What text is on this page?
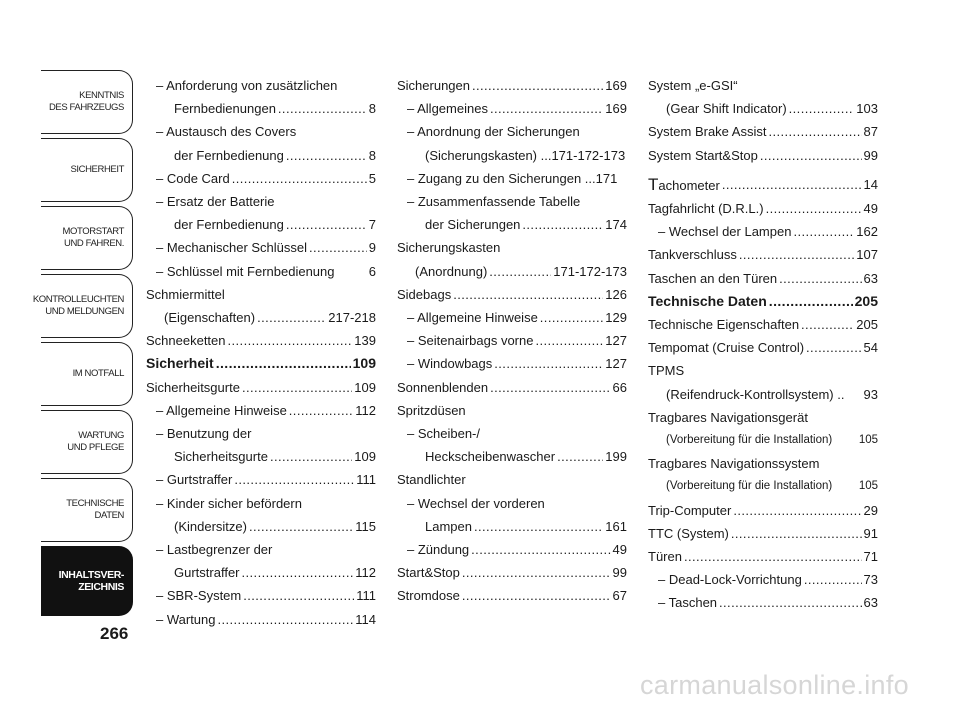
KENNTNIS
DES FAHRZEUGS
SICHERHEIT
MOTORSTART
UND FAHREN.
KONTROLLEUCHTEN
UND MELDUNGEN
IM NOTFALL
WARTUNG
UND PFLEGE
TECHNISCHE
DATEN
INHALTSVER-
ZEICHNIS
266
– Anforderung von zusätzlichen
Fernbedienungen .....	8
– Austausch des Covers
der Fernbedienung .....	8
– Code Card .....	5
– Ersatz der Batterie
der Fernbedienung .....	7
– Mechanischer Schlüssel .....	9
– Schlüssel mit Fernbedienung	6
Schmiermittel
(Eigenschaften) .....	217-218
Schneeketten .....	139
Sicherheit .....	109
Sicherheitsgurte .....	109
– Allgemeine Hinweise .....	112
– Benutzung der
Sicherheitsgurte .....	109
– Gurtstraffer .....	111
– Kinder sicher befördern
(Kindersitze) .....	115
– Lastbegrenzer der
Gurtstraffer .....	112
– SBR-System .....	111
– Wartung .....	114
Sicherungen .....	169
– Allgemeines .....	169
– Anordnung der Sicherungen
(Sicherungskasten) ...171-172-173
– Zugang zu den Sicherungen ...171
– Zusammenfassende Tabelle
der Sicherungen .....	174
Sicherungskasten
(Anordnung) .....	171-172-173
Sidebags .....	126
– Allgemeine Hinweise .....	129
– Seitenairbags vorne .....	127
– Windowbags .....	127
Sonnenblenden .....	66
Spritzdüsen
– Scheiben-/
Heckscheibenwascher .....	199
Standlichter
– Wechsel der vorderen
Lampen .....	161
– Zündung .....	49
Start&Stop .....	99
Stromdose .....	67
System „e-GSI“
(Gear Shift Indicator) .....	103
System Brake Assist .....	87
System Start&Stop .....	99
Tachometer .....	14
Tagfahrlicht (D.R.L.) .....	49
– Wechsel der Lampen .....	162
Tankverschluss .....	107
Taschen an den Türen .....	63
Technische Daten .....	205
Technische Eigenschaften .....	205
Tempomat (Cruise Control) .....	54
TPMS
(Reifendruck-Kontrollsystem) .. 93
Tragbares Navigationsgerät
(Vorbereitung für die Installation) 105
Tragbares Navigationssystem
(Vorbereitung für die Installation) 105
Trip-Computer .....	29
TTC (System) .....	91
Türen .....	71
– Dead-Lock-Vorrichtung .....	73
– Taschen .....	63
carmanualsonline.info
